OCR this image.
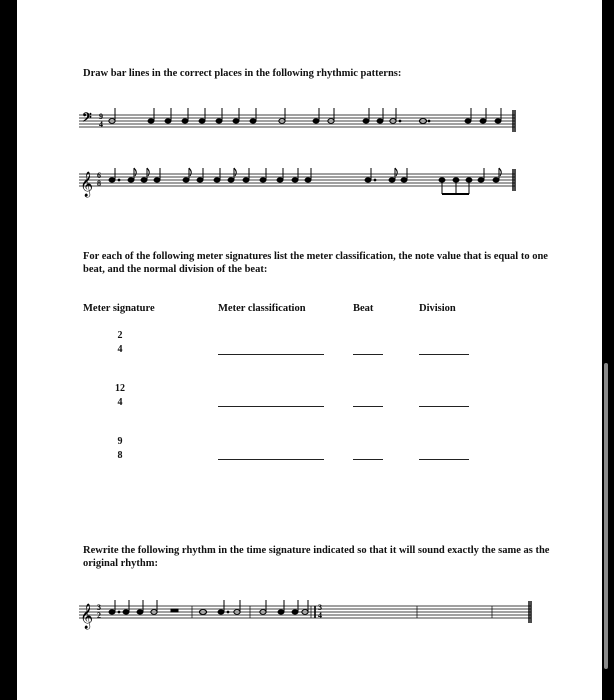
Draw bar lines in the correct places in the following rhythmic patterns:
𝄢 9
4
𝄞 6
8
For each of the following meter signatures list the meter classification, the note value that is equal to one beat, and the normal division of the beat:
Meter signature	Meter classification	Beat	Division
2
4
12
4
9
8
Rewrite the following rhythm in the time signature indicated so that it will sound exactly the same as the original rhythm:
𝄞 3
2
3
4
